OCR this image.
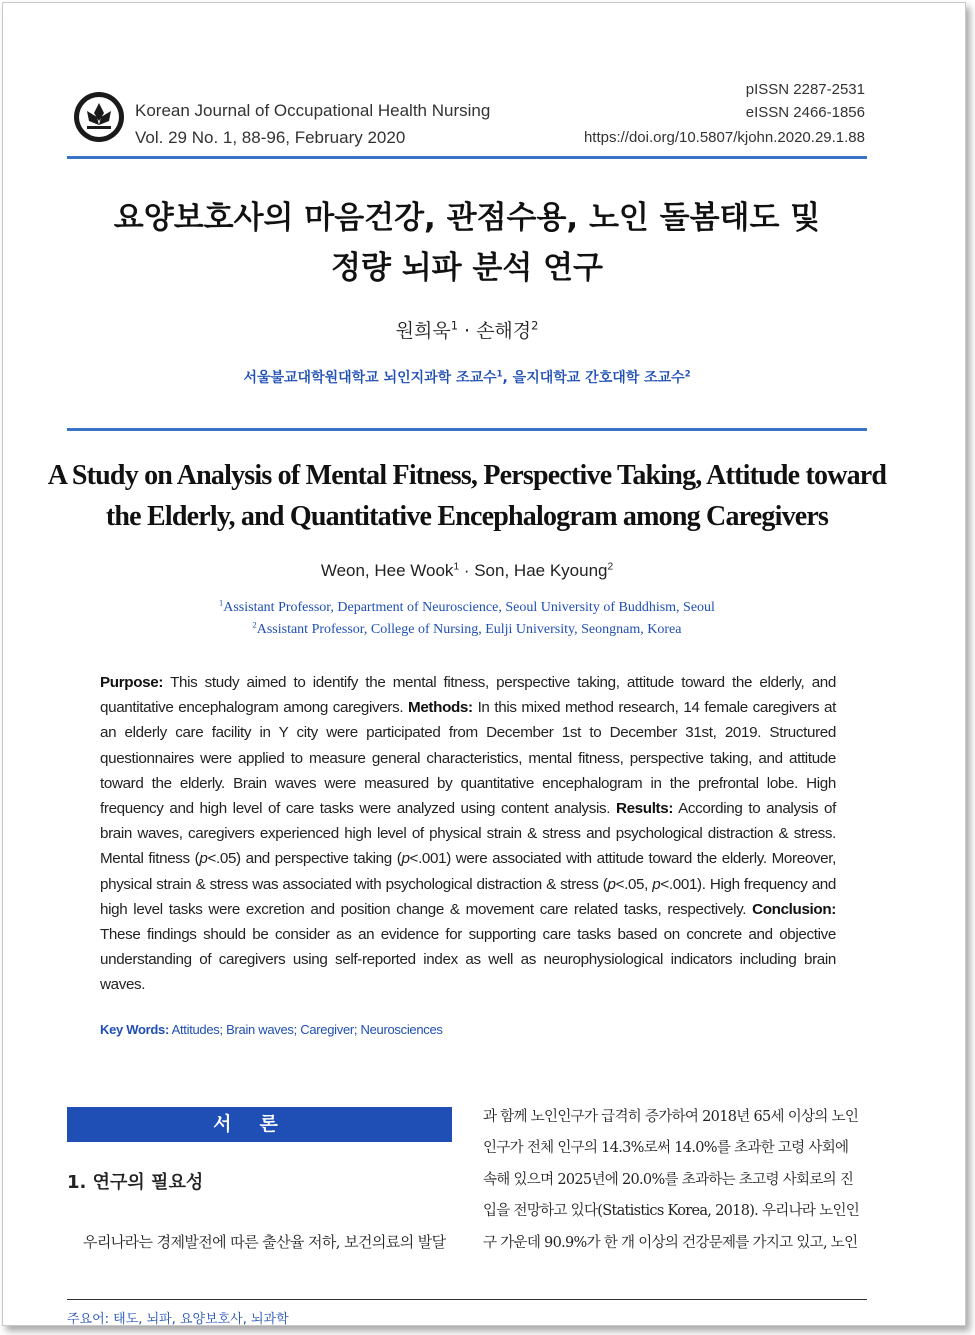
Korean Journal of Occupational Health Nursing
Vol. 29 No. 1, 88-96, February 2020
pISSN 2287-2531
eISSN 2466-1856
https://doi.org/10.5807/kjohn.2020.29.1.88
요양보호사의 마음건강, 관점수용, 노인 돌봄태도 및
정량 뇌파 분석 연구
원희욱$^1$ · 손해경$^2$
서울불교대학원대학교 뇌인지과학 조교수$^1$, 을지대학교 간호대학 조교수$^2$
A Study on Analysis of Mental Fitness, Perspective Taking, Attitude toward
the Elderly, and Quantitative Encephalogram among Caregivers
Weon, Hee Wook$^1$ · Son, Hae Kyoung$^2$
$^1$Assistant Professor, Department of Neuroscience, Seoul University of Buddhism, Seoul
$^2$Assistant Professor, College of Nursing, Eulji University, Seongnam, Korea
Purpose: This study aimed to identify the mental fitness, perspective taking, attitude toward the elderly, and quantitative encephalogram among caregivers. Methods: In this mixed method research, 14 female caregivers at an elderly care facility in Y city were participated from December 1st to December 31st, 2019. Structured questionnaires were applied to measure general characteristics, mental fitness, perspective taking, and attitude toward the elderly. Brain waves were measured by quantitative encephalogram in the prefrontal lobe. High frequency and high level of care tasks were analyzed using content analysis. Results: According to analysis of brain waves, caregivers experienced high level of physical strain & stress and psychological distraction & stress. Mental fitness (p<.05) and perspective taking (p<.001) were associated with attitude toward the elderly. Moreover, physical strain & stress was associated with psychological distraction & stress (p<.05, p<.001). High frequency and high level tasks were excretion and position change & movement care related tasks, respectively. Conclusion: These findings should be consider as an evidence for supporting care tasks based on concrete and objective understanding of caregivers using self-reported index as well as neurophysiological indicators including brain waves.
Key Words: Attitudes; Brain waves; Caregiver; Neurosciences
서론
1. 연구의 필요성
우리나라는 경제발전에 따른 출산율 저하, 보건의료의 발달
과 함께 노인인구가 급격히 증가하여 2018년 65세 이상의 노인
인구가 전체 인구의 14.3%로써 14.0%를 초과한 고령 사회에
속해 있으며 2025년에 20.0%를 초과하는 초고령 사회로의 진
입을 전망하고 있다(Statistics Korea, 2018). 우리나라 노인인
구 가운데 90.9%가 한 개 이상의 건강문제를 가지고 있고, 노인
주요어: 태도, 뇌파, 요양보호사, 뇌과학
